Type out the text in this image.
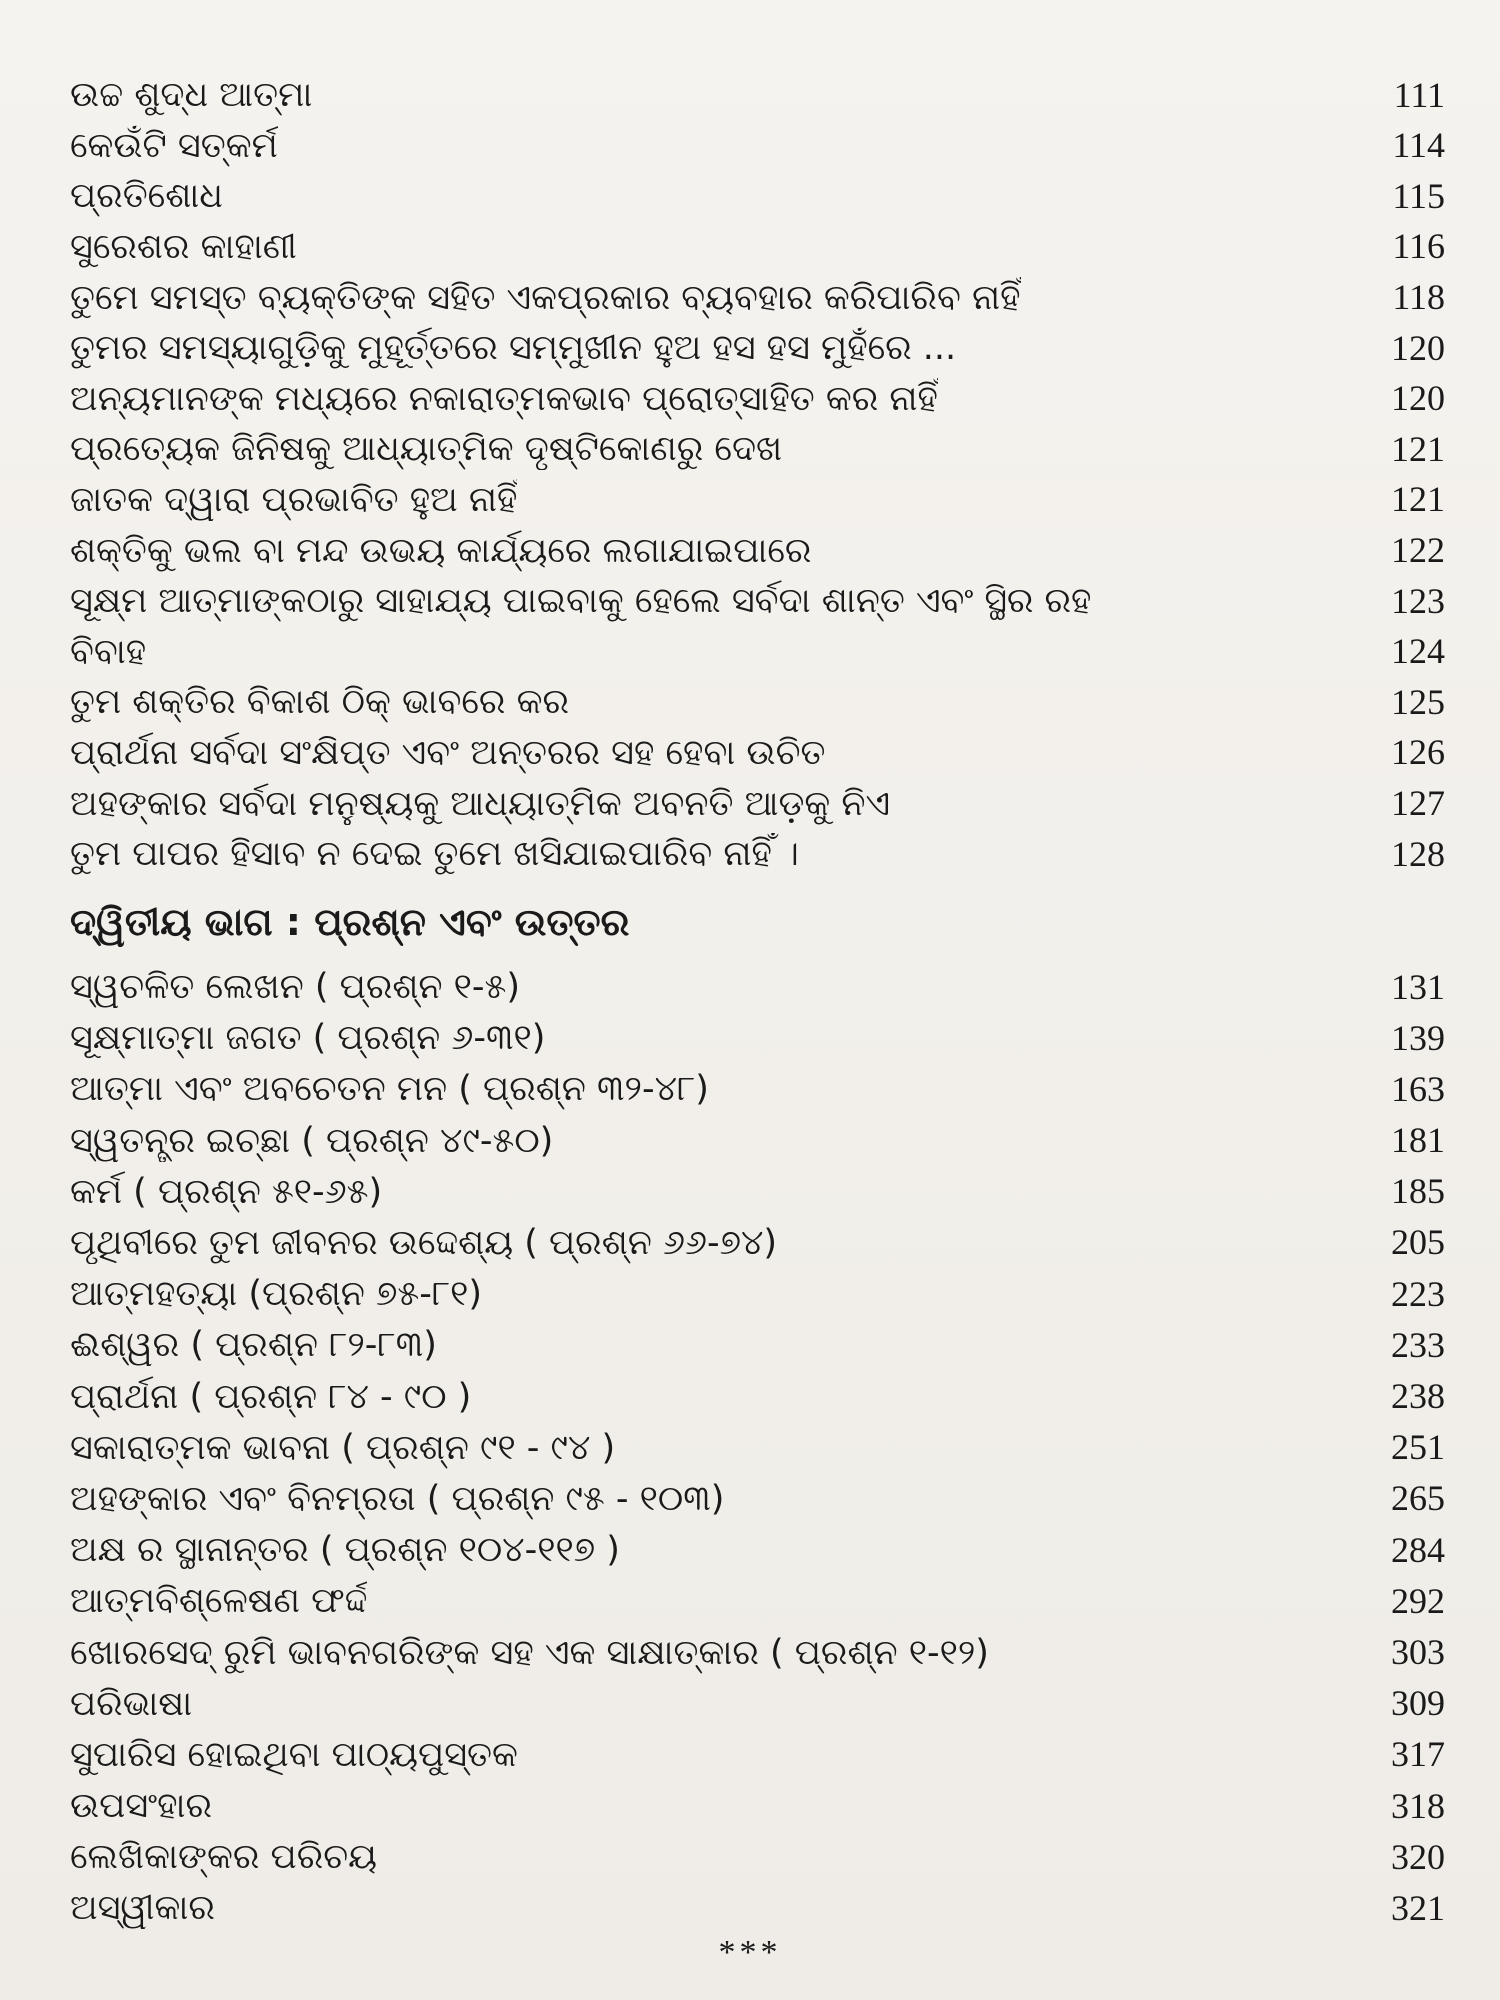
ଉଚ୍ଚ ଶୁଦ୍ଧ ଆତ୍ମା	111
କେଉଁଟି ସତ୍‌କର୍ମ	114
ପ୍ରତିଶୋଧ	115
ସୁରେଶର କାହାଣୀ	116
ତୁମେ ସମସ୍ତ ବ୍ୟକ୍ତିଙ୍କ ସହିତ ଏକପ୍ରକାର ବ୍ୟବହାର କରିପାରିବ ନାହିଁ	118
ତୁମର ସମସ୍ୟାଗୁଡ଼ିକୁ ମୁହୂର୍ତ୍ତରେ ସମ୍ମୁଖୀନ ହୁଅ ହସ ହସ ମୁହଁରେ ...	120
ଅନ୍ୟମାନଙ୍କ ମଧ୍ୟରେ ନକାରାତ୍ମକଭାବ ପ୍ରୋତ୍ସାହିତ କର ନାହିଁ	120
ପ୍ରତ୍ୟେକ ଜିନିଷକୁ ଆଧ୍ୟାତ୍ମିକ ଦୃଷ୍ଟିକୋଣରୁ ଦେଖ	121
ଜାତକ ଦ୍ୱାରା ପ୍ରଭାବିତ ହୁଅ ନାହିଁ	121
ଶକ୍ତିକୁ ଭଲ ବା ମନ୍ଦ ଉଭୟ କାର୍ଯ୍ୟରେ ଲଗାଯାଇପାରେ	122
ସୂକ୍ଷ୍ମ ଆତ୍ମାଙ୍କଠାରୁ ସାହାଯ୍ୟ ପାଇବାକୁ ହେଲେ ସର୍ବଦା ଶାନ୍ତ ଏବଂ ସ୍ଥିର ରହ	123
ବିବାହ	124
ତୁମ ଶକ୍ତିର ବିକାଶ ଠିକ୍ ଭାବରେ କର	125
ପ୍ରାର୍ଥନା ସର୍ବଦା ସଂକ୍ଷିପ୍ତ ଏବଂ ଅନ୍ତରର ସହ ହେବା ଉଚିତ	126
ଅହଙ୍କାର ସର୍ବଦା ମନୁଷ୍ୟକୁ ଆଧ୍ୟାତ୍ମିକ ଅବନତି ଆଡ଼କୁ ନିଏ	127
ତୁମ ପାପର ହିସାବ ନ ଦେଇ ତୁମେ ଖସିଯାଇପାରିବ ନାହିଁ ।	128
ଦ୍ୱିତୀୟ ଭାଗ : ପ୍ରଶ୍ନ ଏବଂ ଉତ୍ତର
ସ୍ୱଚଳିତ ଲେଖନ ( ପ୍ରଶ୍ନ ୧-୫)	131
ସୂକ୍ଷ୍ମାତ୍ମା ଜଗତ ( ପ୍ରଶ୍ନ ୬-୩୧)	139
ଆତ୍ମା ଏବଂ ଅବଚେତନ ମନ ( ପ୍ରଶ୍ନ ୩୨-୪୮)	163
ସ୍ୱତନ୍ତ୍ର ଇଚ୍ଛା ( ପ୍ରଶ୍ନ ୪୯-୫୦)	181
କର୍ମ ( ପ୍ରଶ୍ନ ୫୧-୬୫)	185
ପୃଥିବୀରେ ତୁମ ଜୀବନର ଉଦ୍ଦେଶ୍ୟ ( ପ୍ରଶ୍ନ ୬୬-୭୪)	205
ଆତ୍ମହତ୍ୟା (ପ୍ରଶ୍ନ ୭୫-୮୧)	223
ଈଶ୍ୱର ( ପ୍ରଶ୍ନ ୮୨-୮୩)	233
ପ୍ରାର୍ଥନା ( ପ୍ରଶ୍ନ ୮୪ - ୯୦ )	238
ସକାରାତ୍ମକ ଭାବନା ( ପ୍ରଶ୍ନ ୯୧ - ୯୪ )	251
ଅହଙ୍କାର ଏବଂ ବିନମ୍ରତା ( ପ୍ରଶ୍ନ ୯୫ - ୧୦୩)	265
ଅକ୍ଷ ର ସ୍ଥାନାନ୍ତର ( ପ୍ରଶ୍ନ ୧୦୪-୧୧୭ )	284
ଆତ୍ମବିଶ୍ଳେଷଣ ଫର୍ଦ୍ଦ	292
ଖୋରସେଦ୍ ରୁମି ଭାବନଗରିଙ୍କ ସହ ଏକ ସାକ୍ଷାତ୍‌କାର ( ପ୍ରଶ୍ନ ୧-୧୨)	303
ପରିଭାଷା	309
ସୁପାରିସ ହୋଇଥିବା ପାଠ୍ୟପୁସ୍ତକ	317
ଉପସଂହାର	318
ଲେଖିକାଙ୍କର ପରିଚୟ	320
ଅସ୍ୱୀକାର	321
***
